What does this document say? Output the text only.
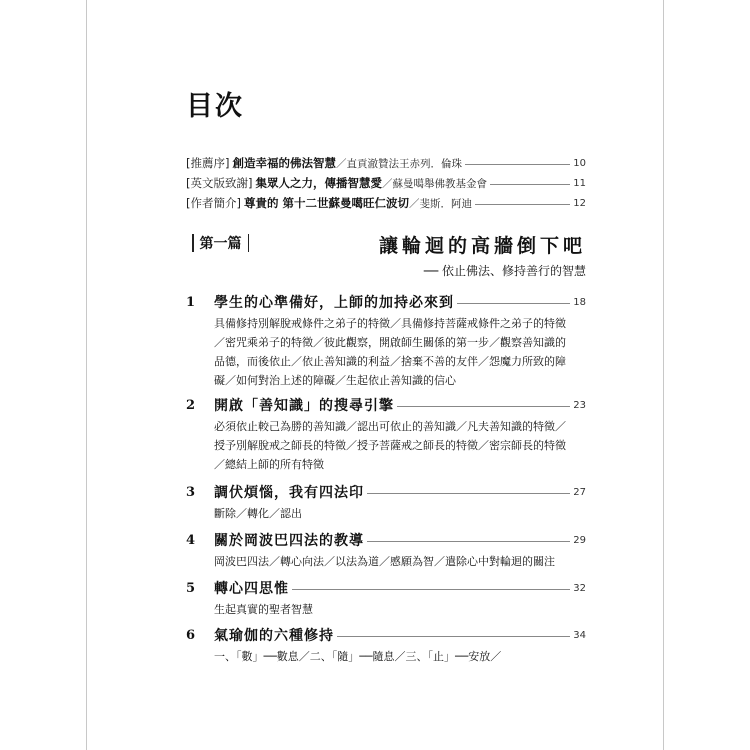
目次
[推薦序] 創造幸福的佛法智慧 ／直貢澈贊法王赤列．倫珠	10
[英文版致謝] 集眾人之力，傳播智慧愛 ／蘇曼噶舉佛教基金會	11
[作者簡介] 尊貴的 第十二世蘇曼噶旺仁波切 ／斐斯．阿迪	12
第一篇	讓輪迴的高牆倒下吧
── 依止佛法、修持善行的智慧
1	學生的心準備好，上師的加持必來到	18
具備修持別解脫戒條件之弟子的特徵／具備修持菩薩戒條件之弟子的特徵／密咒乘弟子的特徵／彼此觀察，開啟師生關係的第一步／觀察善知識的品德，而後依止／依止善知識的利益／捨棄不善的友伴／怨魔力所致的障礙／如何對治上述的障礙／生起依止善知識的信心
2	開啟「善知識」的搜尋引擎	23
必須依止較己為勝的善知識／認出可依止的善知識／凡夫善知識的特徵／授予別解脫戒之師長的特徵／授予菩薩戒之師長的特徵／密宗師長的特徵／總結上師的所有特徵
3	調伏煩惱，我有四法印	27
斷除／轉化／認出
4	關於岡波巴四法的教導	29
岡波巴四法／轉心向法／以法為道／慼願為智／遣除心中對輪迴的關注
5	轉心四思惟	32
生起真實的聖者智慧
6	氣瑜伽的六種修持	34
一、「數」──數息／二、「隨」──隨息／三、「止」──安放／
